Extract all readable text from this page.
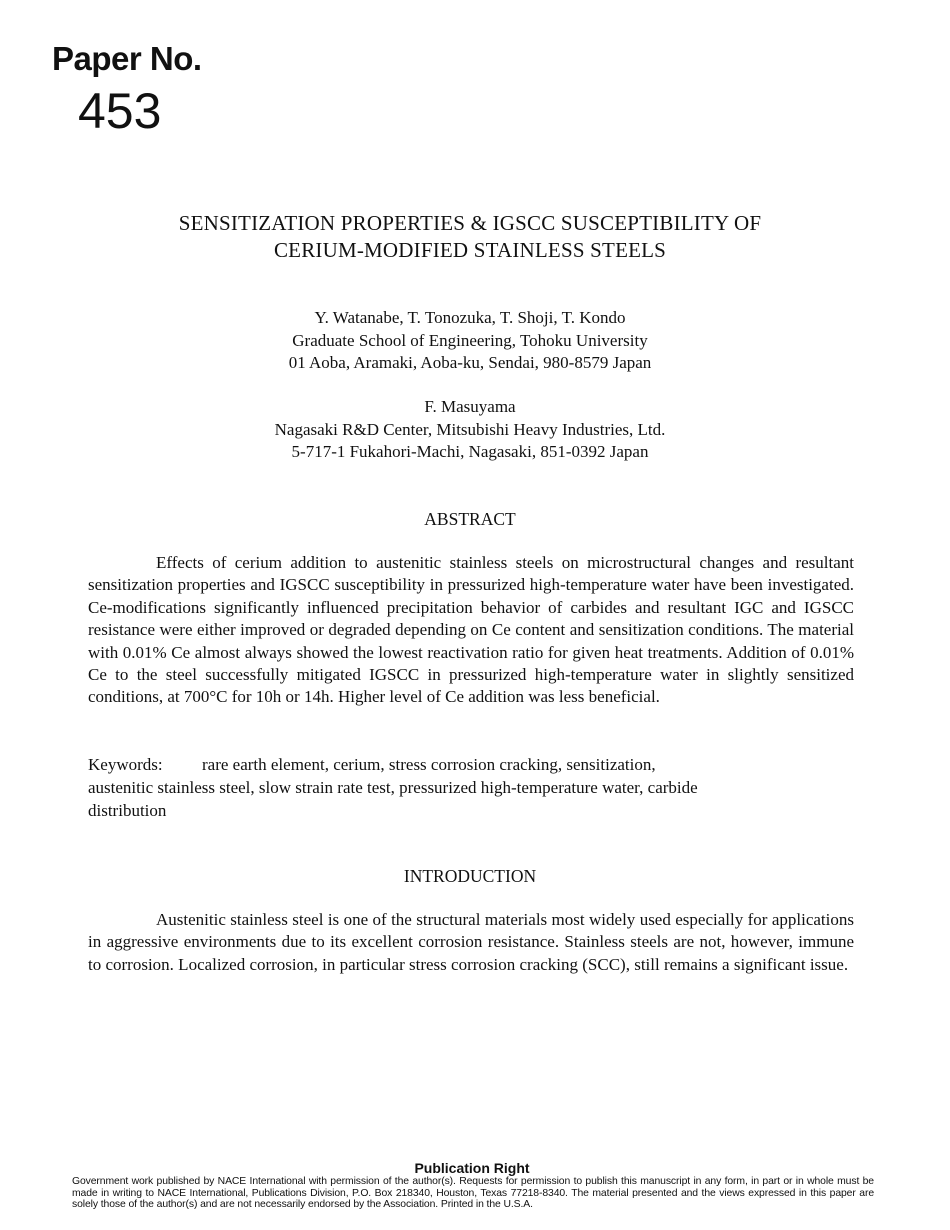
Paper No.
453
SENSITIZATION PROPERTIES & IGSCC SUSCEPTIBILITY OF
CERIUM-MODIFIED STAINLESS STEELS
Y. Watanabe, T. Tonozuka, T. Shoji, T. Kondo
Graduate School of Engineering, Tohoku University
01 Aoba, Aramaki, Aoba-ku, Sendai, 980-8579 Japan
F. Masuyama
Nagasaki R&D Center, Mitsubishi Heavy Industries, Ltd.
5-717-1 Fukahori-Machi, Nagasaki, 851-0392 Japan
ABSTRACT

Effects of cerium addition to austenitic stainless steels on microstructural changes and resultant sensitization properties and IGSCC susceptibility in pressurized high-temperature water have been investigated. Ce-modifications significantly influenced precipitation behavior of carbides and resultant IGC and IGSCC resistance were either improved or degraded depending on Ce content and sensitization conditions. The material with 0.01% Ce almost always showed the lowest reactivation ratio for given heat treatments. Addition of 0.01% Ce to the steel successfully mitigated IGSCC in pressurized high-temperature water in slightly sensitized conditions, at 700°C for 10h or 14h. Higher level of Ce addition was less beneficial.

Keywords: rare earth element, cerium, stress corrosion cracking, sensitization,
austenitic stainless steel, slow strain rate test, pressurized high-temperature water, carbide
distribution
INTRODUCTION

Austenitic stainless steel is one of the structural materials most widely used especially for applications in aggressive environments due to its excellent corrosion resistance. Stainless steels are not, however, immune to corrosion. Localized corrosion, in particular stress corrosion cracking (SCC), still remains a significant issue.

Publication Right
Government work published by NACE International with permission of the author(s). Requests for permission to publish this manuscript in any form, in part or in whole must be made in writing to NACE International, Publications Division, P.O. Box 218340, Houston, Texas 77218-8340. The material presented and the views expressed in this paper are solely those of the author(s) and are not necessarily endorsed by the Association. Printed in the U.S.A.
